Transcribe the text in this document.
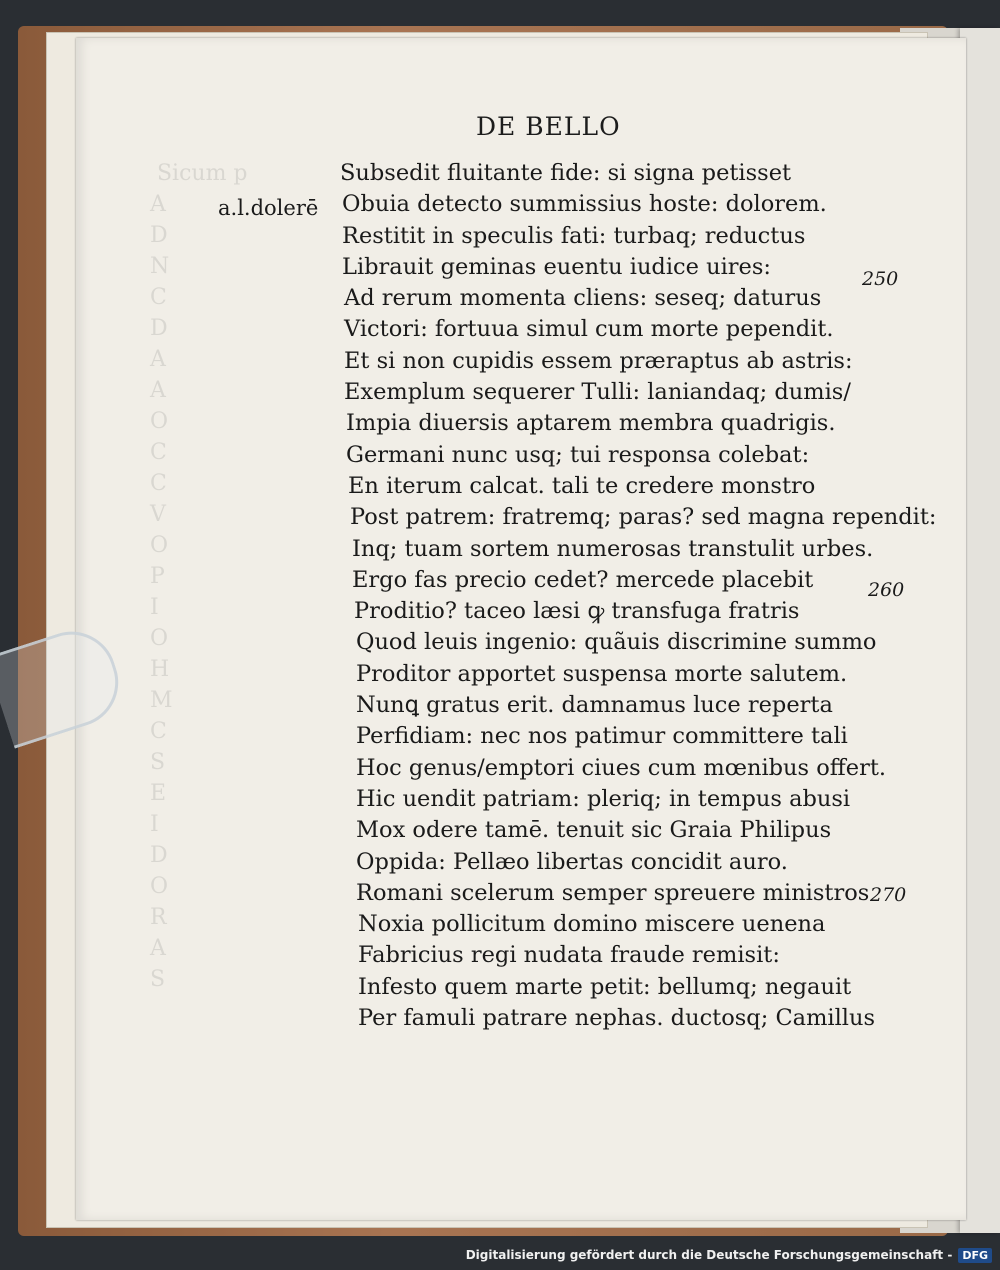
Sicum p
A
D
N
C
D
A
A
O
C
C
V
O
P
I
O
H
M
C
S
E
I
D
O
R
A
S
DE BELLO
a.l.dolerē
250
260
270
Subsedit fluitante fide: si signa petisset
Obuia detecto summissius hoste: dolorem.
Restitit in speculis fati: turbaq; reductus
Librauit geminas euentu iudice uires:
Ad rerum momenta cliens: seseq; daturus
Victori: fortuua simul cum morte pependit.
Et si non cupidis essem præraptus ab astris:
Exemplum sequerer Tulli: laniandaq; dumis/
Impia diuersis aptarem membra quadrigis.
Germani nunc usq; tui responsa colebat:
En iterum calcat. tali te credere monstro
Post patrem: fratremq; paras? sed magna rependit:
Inq; tuam sortem numerosas transtulit urbes.
Ergo fas precio cedet? mercede placebit
Proditio? taceo læsi ꝙ transfuga fratris
Quod leuis ingenio: quãuis discrimine summo
Proditor apportet suspensa morte salutem.
Nunꝗ gratus erit. damnamus luce reperta
Perfidiam: nec nos patimur committere tali
Hoc genus/emptori ciues cum mœnibus offert.
Hic uendit patriam: pleriq; in tempus abusi
Mox odere tamē. tenuit sic Graia Philipus
Oppida: Pellæo libertas concidit auro.
Romani scelerum semper spreuere ministros
Noxia pollicitum domino miscere uenena
Fabricius regi nudata fraude remisit:
Infesto quem marte petit: bellumq; negauit
Per famuli patrare nephas. ductosq; Camillus
Digitalisierung gefördert durch die Deutsche Forschungsgemeinschaft - DFG
